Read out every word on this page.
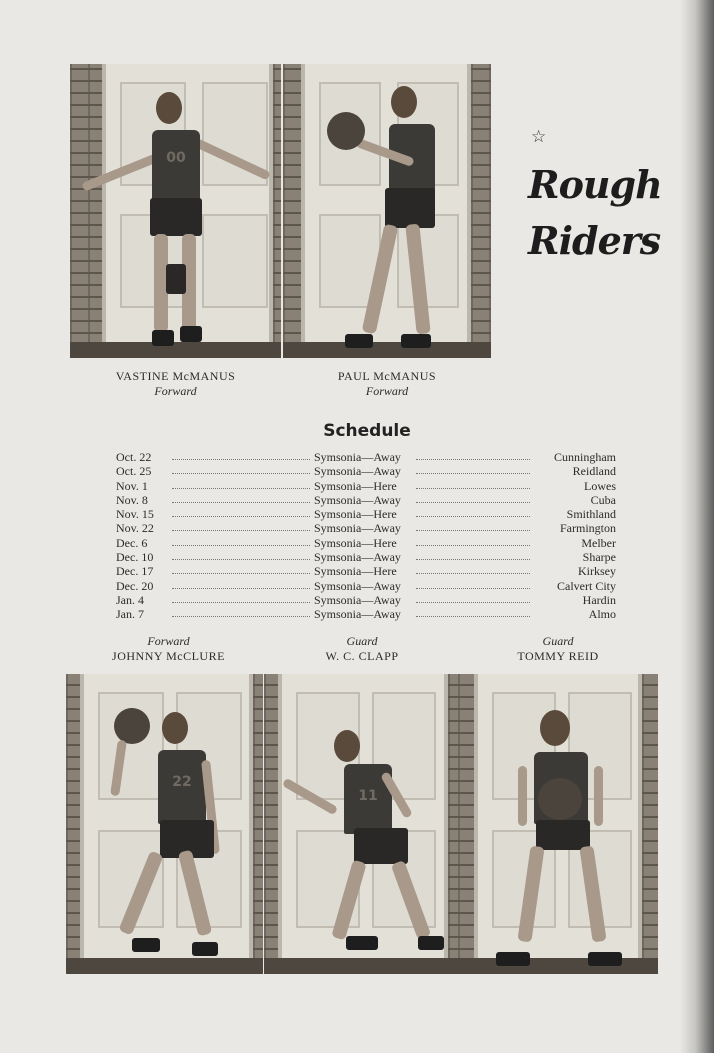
00
☆
Rough
Riders
VASTINE McMANUS
Forward
PAUL McMANUS
Forward
Schedule
Oct. 22	Symsonia—Away	Cunningham
Oct. 25	Symsonia—Away	Reidland
Nov. 1	Symsonia—Here	Lowes
Nov. 8	Symsonia—Away	Cuba
Nov. 15	Symsonia—Here	Smithland
Nov. 22	Symsonia—Away	Farmington
Dec. 6	Symsonia—Here	Melber
Dec. 10	Symsonia—Away	Sharpe
Dec. 17	Symsonia—Here	Kirksey
Dec. 20	Symsonia—Away	Calvert City
Jan. 4	Symsonia—Away	Hardin
Jan. 7	Symsonia—Away	Almo
Forward
JOHNNY McCLURE
Guard
W. C. CLAPP
Guard
TOMMY REID
22
11
